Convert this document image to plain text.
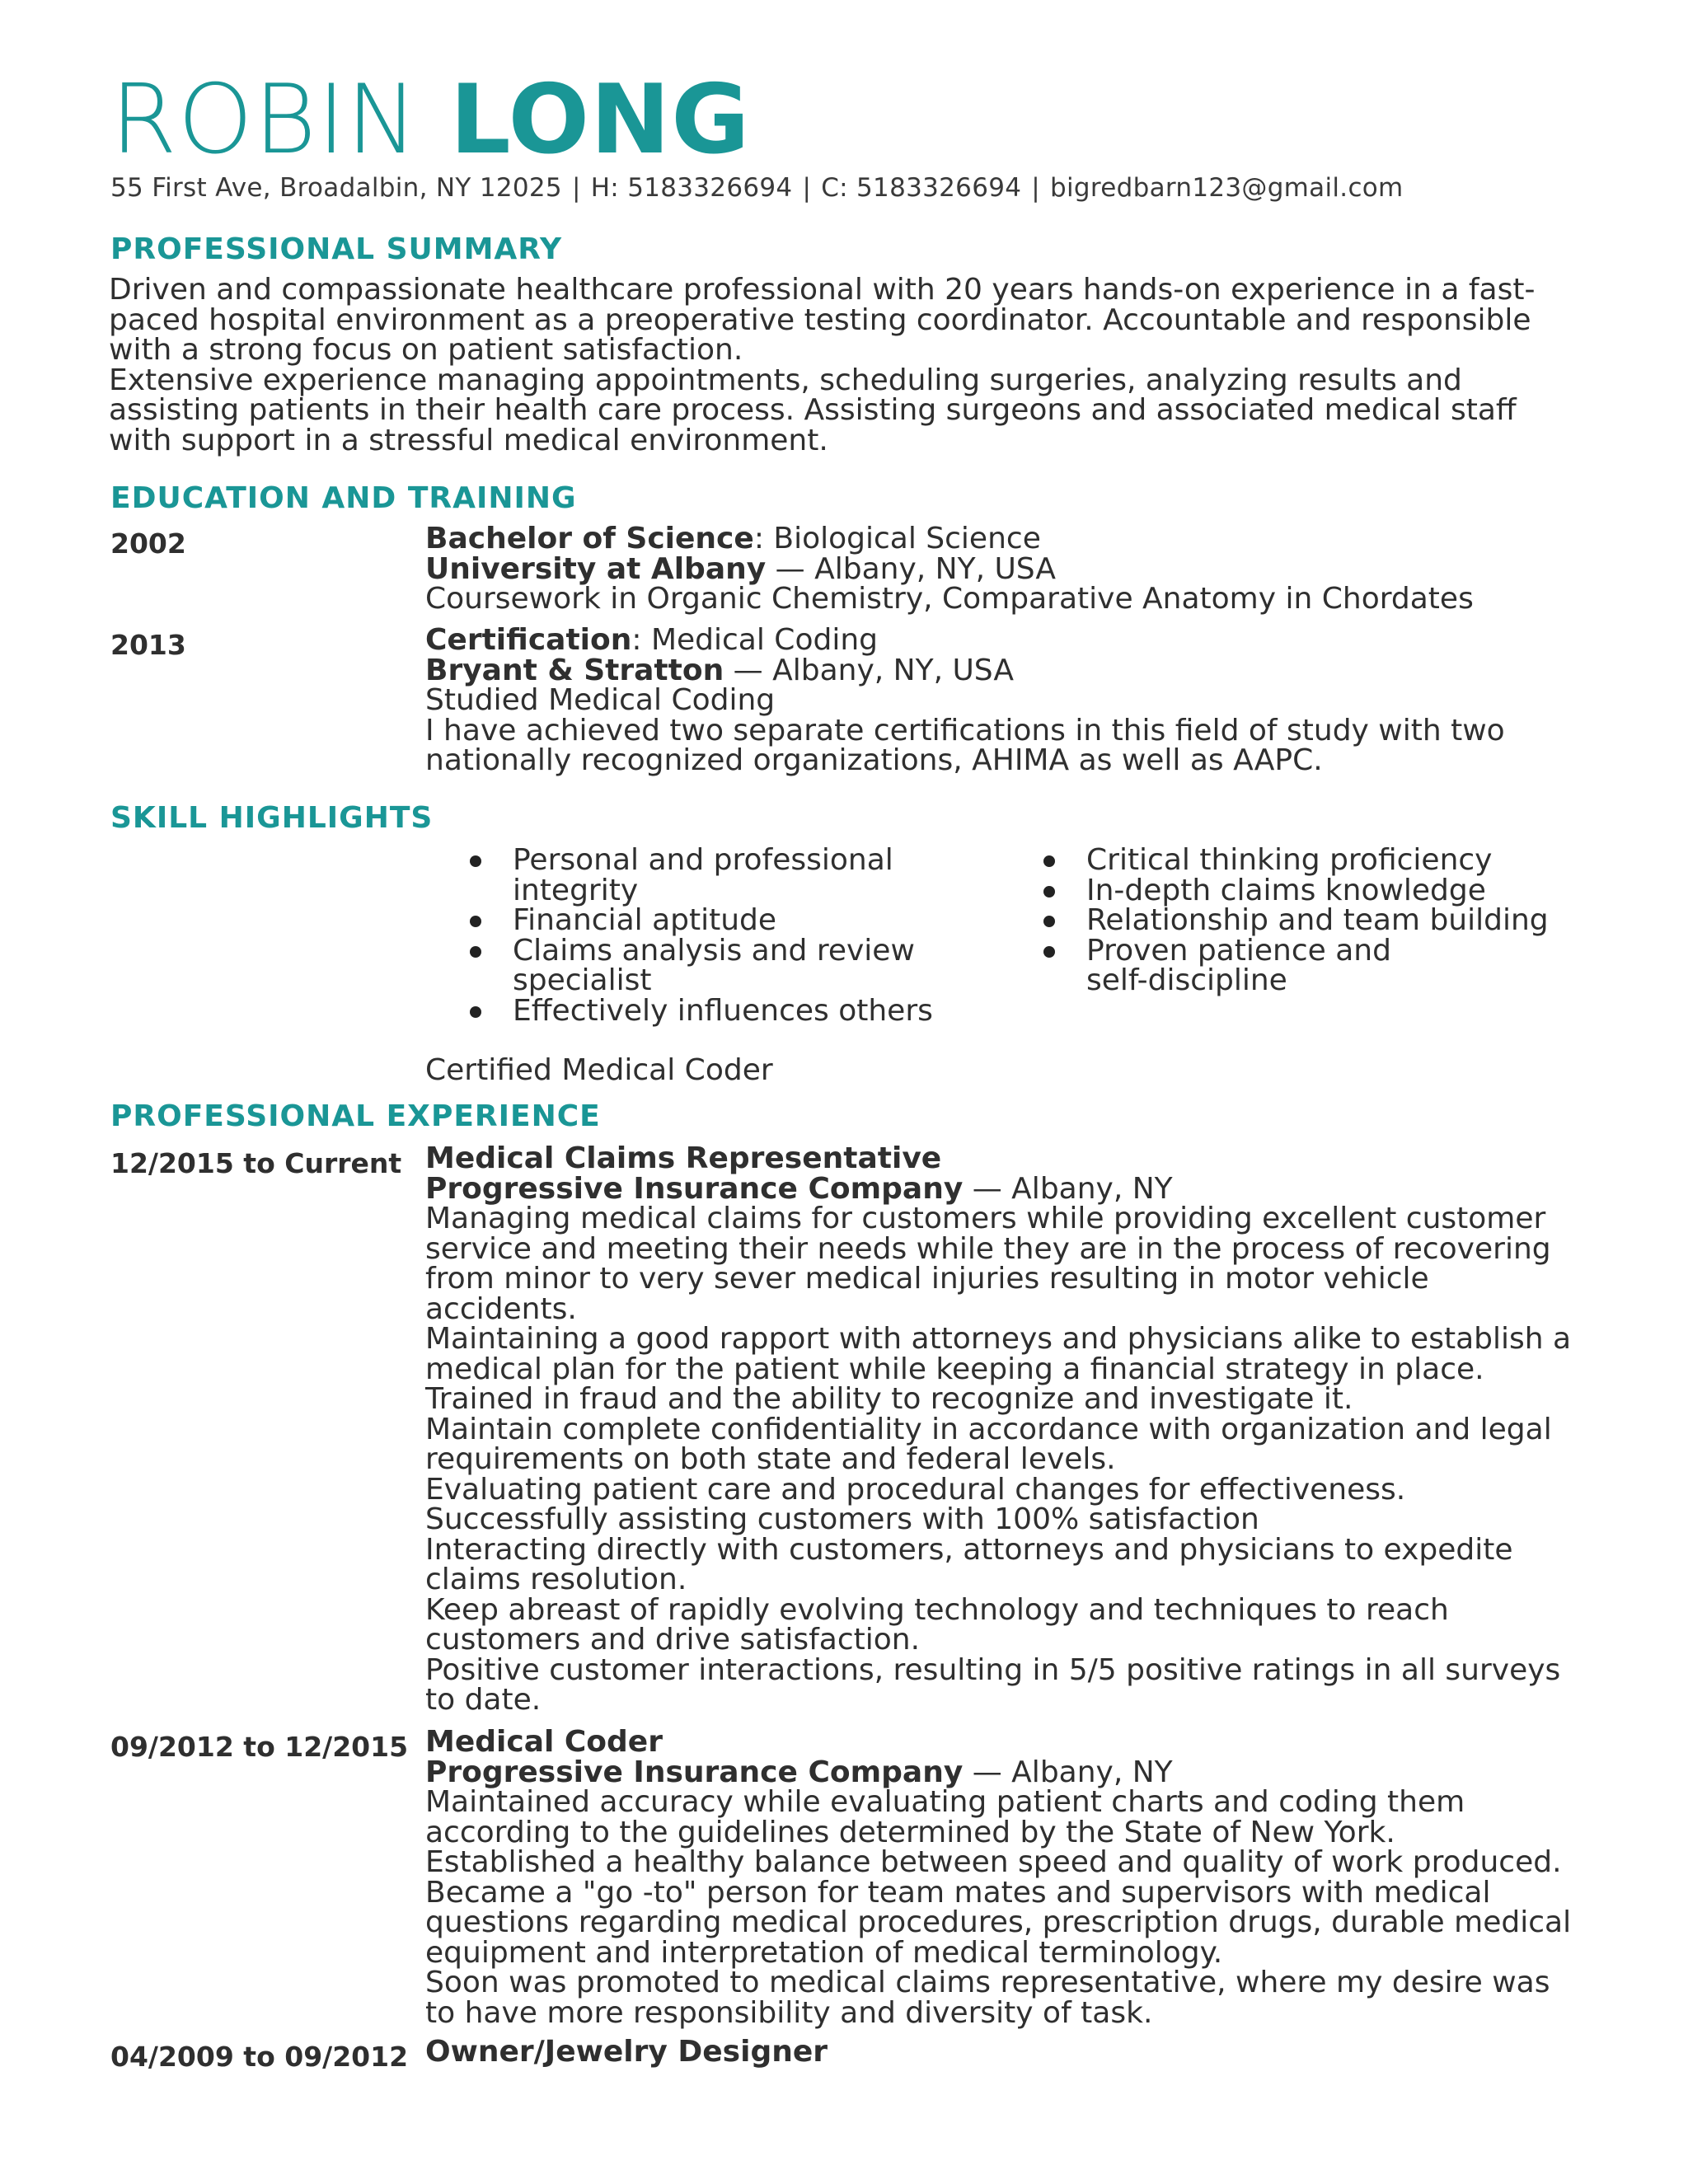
ROBIN LONG
55 First Ave, Broadalbin, NY 12025 | H: 5183326694 | C: 5183326694 | bigredbarn123@gmail.com
PROFESSIONAL SUMMARY

Driven and compassionate healthcare professional with 20 years hands-on experience in a fast-paced hospital environment as a preoperative testing coordinator. Accountable and responsible with a strong focus on patient satisfaction.

Extensive experience managing appointments, scheduling surgeries, analyzing results and assisting patients in their health care process. Assisting surgeons and associated medical staff with support in a stressful medical environment.

EDUCATION AND TRAINING
2002	Bachelor of Science: Biological Science
University at Albany — Albany, NY, USA
Coursework in Organic Chemistry, Comparative Anatomy in Chordates
2013	Certification: Medical Coding
Bryant & Stratton — Albany, NY, USA
Studied Medical Coding
I have achieved two separate certifications in this field of study with two nationally recognized organizations, AHIMA as well as AAPC.
SKILL HIGHLIGHTS
Personal and professional integrity
Financial aptitude
Claims analysis and review specialist
Effectively influences others
Critical thinking proficiency
In-depth claims knowledge
Relationship and team building
Proven patience and self-discipline
Certified Medical Coder
PROFESSIONAL EXPERIENCE
12/2015 to Current Medical Claims Representative
Progressive Insurance Company — Albany, NY

Managing medical claims for customers while providing excellent customer service and meeting their needs while they are in the process of recovering from minor to very sever medical injuries resulting in motor vehicle accidents.

Maintaining a good rapport with attorneys and physicians alike to establish a medical plan for the patient while keeping a financial strategy in place.

Trained in fraud and the ability to recognize and investigate it.

Maintain complete confidentiality in accordance with organization and legal requirements on both state and federal levels.

Evaluating patient care and procedural changes for effectiveness.

Successfully assisting customers with 100% satisfaction

Interacting directly with customers, attorneys and physicians to expedite claims resolution.

Keep abreast of rapidly evolving technology and techniques to reach customers and drive satisfaction.

Positive customer interactions, resulting in 5/5 positive ratings in all surveys to date.

09/2012 to 12/2015 Medical Coder
Progressive Insurance Company — Albany, NY

Maintained accuracy while evaluating patient charts and coding them according to the guidelines determined by the State of New York.

Established a healthy balance between speed and quality of work produced.

Became a "go -to" person for team mates and supervisors with medical questions regarding medical procedures, prescription drugs, durable medical equipment and interpretation of medical terminology.

Soon was promoted to medical claims representative, where my desire was to have more responsibility and diversity of task.

04/2009 to 09/2012 Owner/Jewelry Designer
